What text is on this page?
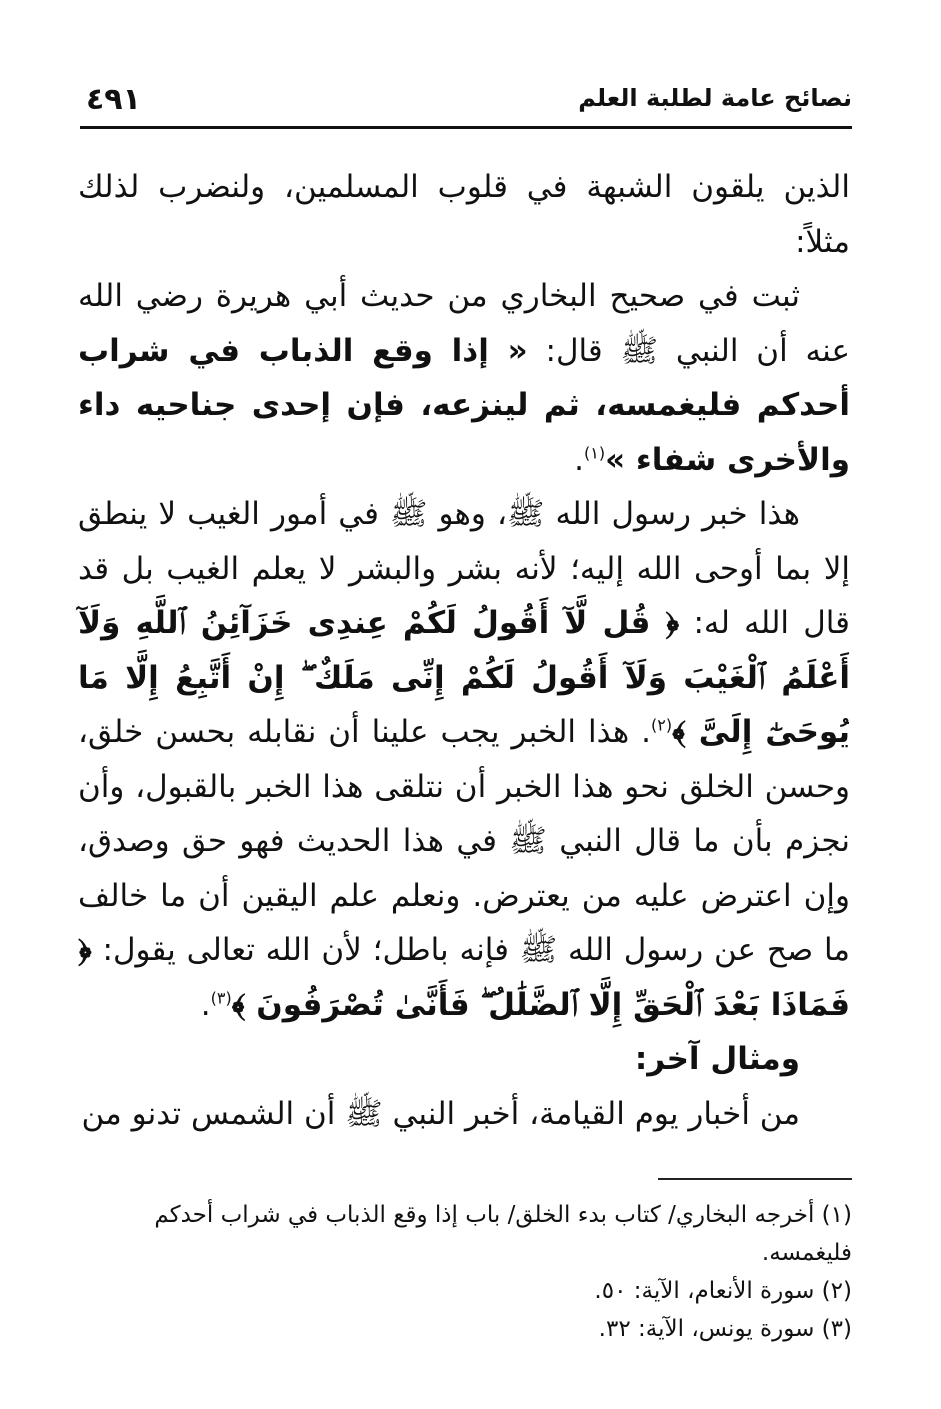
نصائح عامة لطلبة العلم
٤٩١

الذين يلقون الشبهة في قلوب المسلمين، ولنضرب لذلك مثلاً:

ثبت في صحيح البخاري من حديث أبي هريرة رضي الله عنه أن النبي ﷺ قال: « إذا وقع الذباب في شراب أحدكم فليغمسه، ثم لينزعه، فإن إحدى جناحيه داء والأخرى شفاء »$^{(١)}$.

هذا خبر رسول الله ﷺ، وهو ﷺ في أمور الغيب لا ينطق إلا بما أوحى الله إليه؛ لأنه بشر والبشر لا يعلم الغيب بل قد قال الله له: ﴿ قُل لَّآ أَقُولُ لَكُمْ عِندِى خَزَآئِنُ ٱللَّهِ وَلَآ أَعْلَمُ ٱلْغَيْبَ وَلَآ أَقُولُ لَكُمْ إِنِّى مَلَكٌ ۖ إِنْ أَتَّبِعُ إِلَّا مَا يُوحَىٰٓ إِلَىَّ ﴾$^{(٢)}$. هذا الخبر يجب علينا أن نقابله بحسن خلق، وحسن الخلق نحو هذا الخبر أن نتلقى هذا الخبر بالقبول، وأن نجزم بأن ما قال النبي ﷺ في هذا الحديث فهو حق وصدق، وإن اعترض عليه من يعترض. ونعلم علم اليقين أن ما خالف ما صح عن رسول الله ﷺ فإنه باطل؛ لأن الله تعالى يقول: ﴿ فَمَاذَا بَعْدَ ٱلْحَقِّ إِلَّا ٱلضَّلَٰلُ ۖ فَأَنَّىٰ تُصْرَفُونَ ﴾$^{(٣)}$.

ومثال آخر:

من أخبار يوم القيامة، أخبر النبي ﷺ أن الشمس تدنو من

(١) أخرجه البخاري/ كتاب بدء الخلق/ باب إذا وقع الذباب في شراب أحدكم فليغمسه.

(٢) سورة الأنعام، الآية: ٥٠.

(٣) سورة يونس، الآية: ٣٢.
